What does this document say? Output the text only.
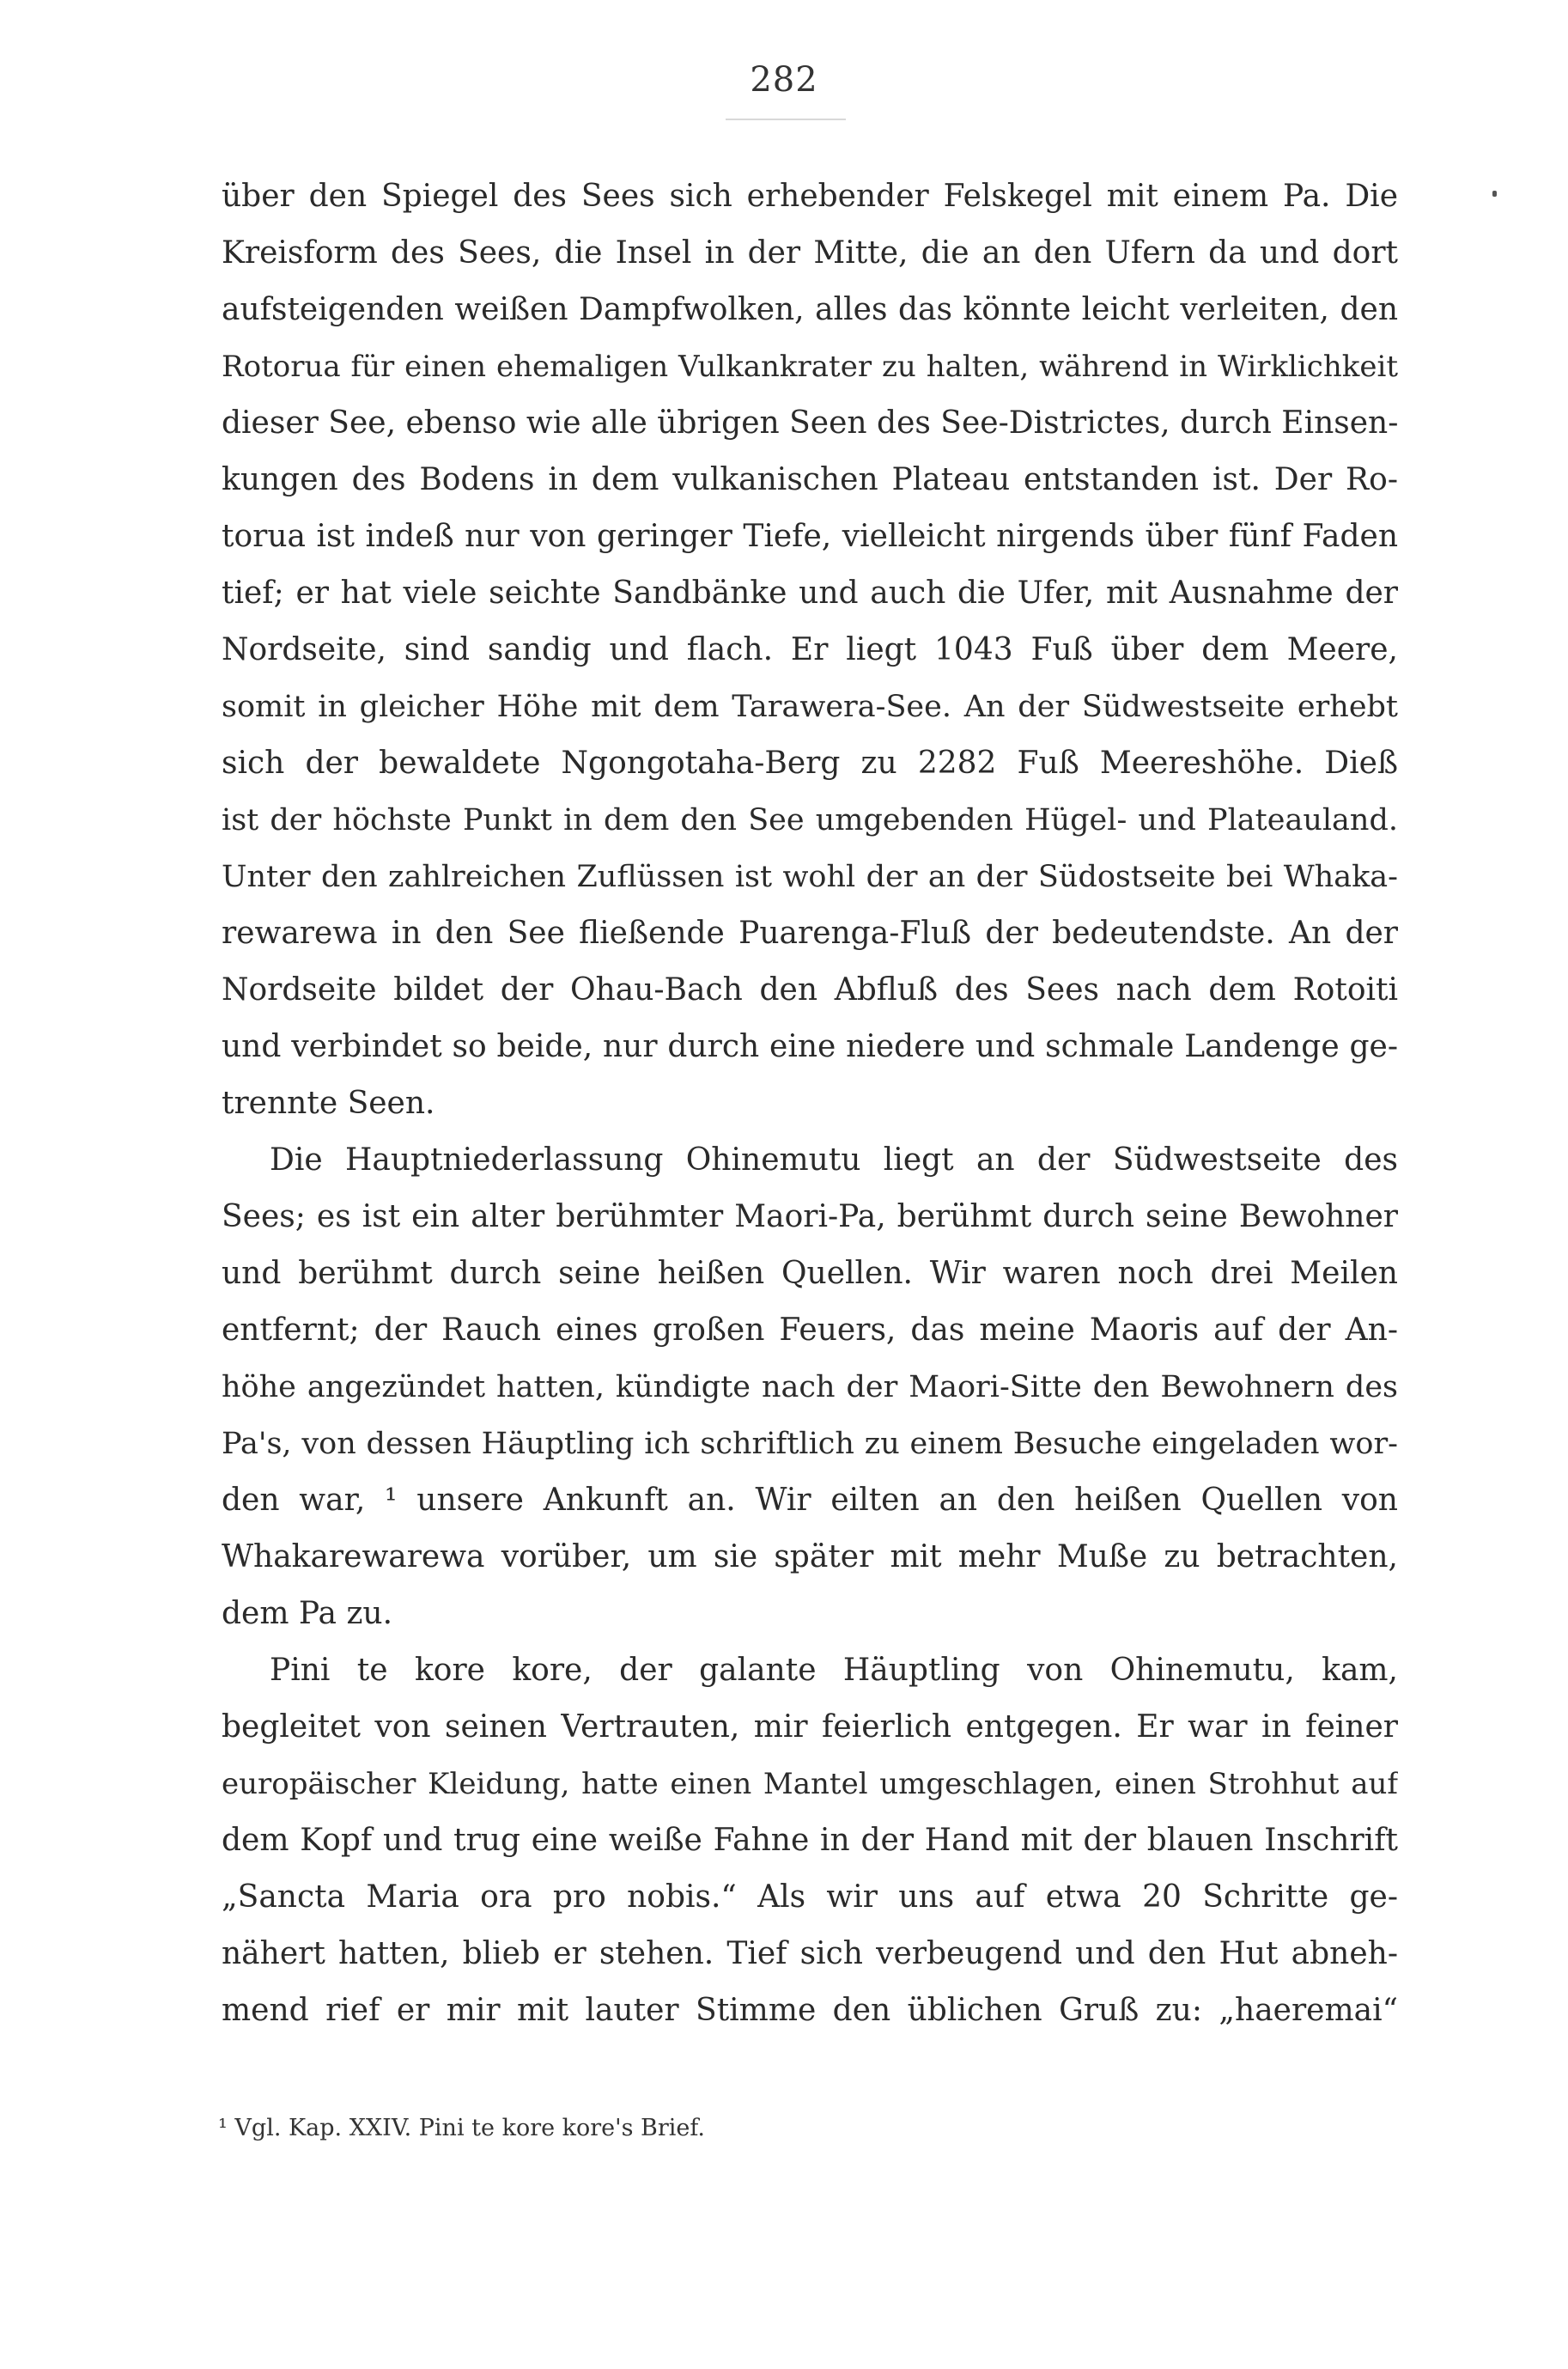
282
über den Spiegel des Sees sich erhebender Felskegel mit einem Pa. Die
Kreisform des Sees, die Insel in der Mitte, die an den Ufern da und dort
aufsteigenden weißen Dampfwolken, alles das könnte leicht verleiten, den
Rotorua für einen ehemaligen Vulkankrater zu halten, während in Wirklichkeit
dieser See, ebenso wie alle übrigen Seen des See-Districtes, durch Einsen-
kungen des Bodens in dem vulkanischen Plateau entstanden ist. Der Ro-
torua ist indeß nur von geringer Tiefe, vielleicht nirgends über fünf Faden
tief; er hat viele seichte Sandbänke und auch die Ufer, mit Ausnahme der
Nordseite, sind sandig und flach. Er liegt 1043 Fuß über dem Meere,
somit in gleicher Höhe mit dem Tarawera-See. An der Südwestseite erhebt
sich der bewaldete Ngongotaha-Berg zu 2282 Fuß Meereshöhe. Dieß
ist der höchste Punkt in dem den See umgebenden Hügel- und Plateauland.
Unter den zahlreichen Zuflüssen ist wohl der an der Südostseite bei Whaka-
rewarewa in den See fließende Puarenga-Fluß der bedeutendste. An der
Nordseite bildet der Ohau-Bach den Abfluß des Sees nach dem Rotoiti
und verbindet so beide, nur durch eine niedere und schmale Landenge ge-
trennte Seen.
Die Hauptniederlassung Ohinemutu liegt an der Südwestseite des
Sees; es ist ein alter berühmter Maori-Pa, berühmt durch seine Bewohner
und berühmt durch seine heißen Quellen. Wir waren noch drei Meilen
entfernt; der Rauch eines großen Feuers, das meine Maoris auf der An-
höhe angezündet hatten, kündigte nach der Maori-Sitte den Bewohnern des
Pa's, von dessen Häuptling ich schriftlich zu einem Besuche eingeladen wor-
den war, ¹ unsere Ankunft an. Wir eilten an den heißen Quellen von
Whakarewarewa vorüber, um sie später mit mehr Muße zu betrachten,
dem Pa zu.
Pini te kore kore, der galante Häuptling von Ohinemutu, kam,
begleitet von seinen Vertrauten, mir feierlich entgegen. Er war in feiner
europäischer Kleidung, hatte einen Mantel umgeschlagen, einen Strohhut auf
dem Kopf und trug eine weiße Fahne in der Hand mit der blauen Inschrift
„Sancta Maria ora pro nobis.“ Als wir uns auf etwa 20 Schritte ge-
nähert hatten, blieb er stehen. Tief sich verbeugend und den Hut abneh-
mend rief er mir mit lauter Stimme den üblichen Gruß zu: „haeremai“
¹ Vgl. Kap. XXIV. Pini te kore kore's Brief.
